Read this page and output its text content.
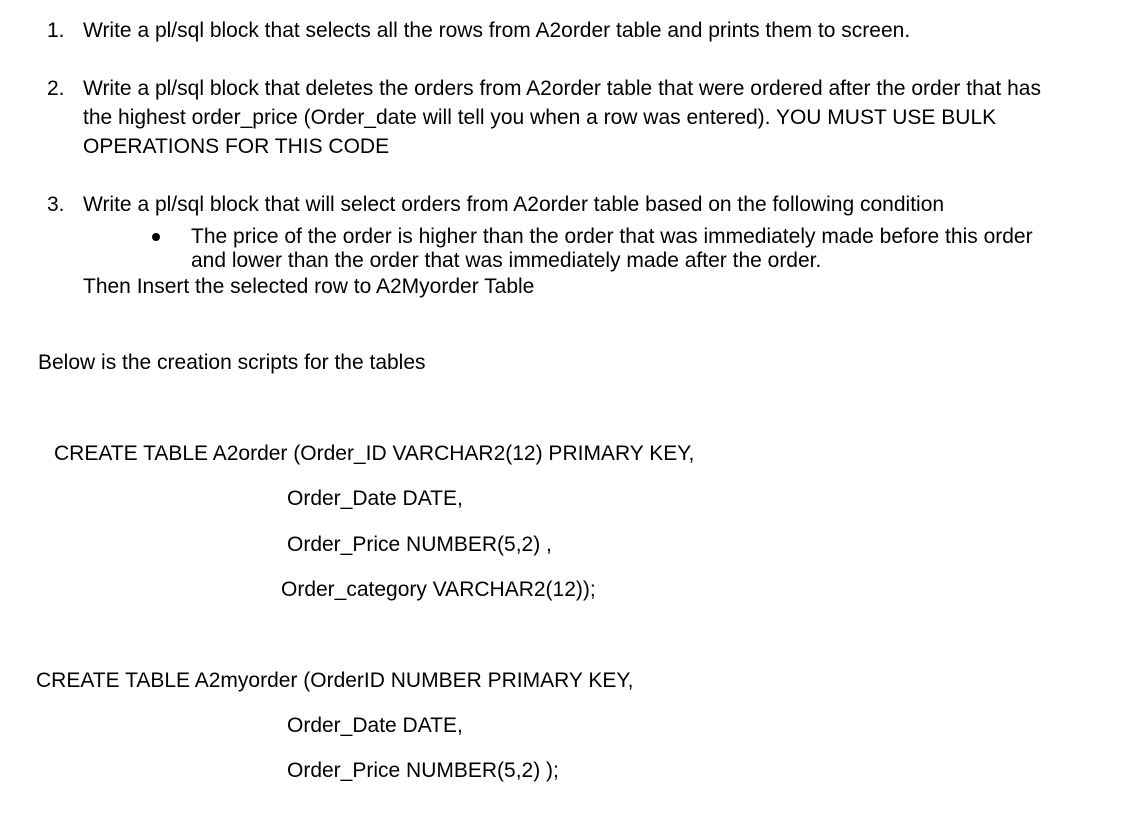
1. Write a pl/sql block that selects all the rows from A2order table and prints them to screen.
2. Write a pl/sql block that deletes the orders from A2order table that were ordered after the order that has
the highest order_price (Order_date will tell you when a row was entered). YOU MUST USE BULK
OPERATIONS FOR THIS CODE
3. Write a pl/sql block that will select orders from A2order table based on the following condition
The price of the order is higher than the order that was immediately made before this order
and lower than the order that was immediately made after the order.
Then Insert the selected row to A2Myorder Table
Below is the creation scripts for the tables
CREATE TABLE A2order (Order_ID VARCHAR2(12) PRIMARY KEY,
Order_Date DATE,
Order_Price NUMBER(5,2) ,
Order_category VARCHAR2(12));
CREATE TABLE A2myorder (OrderID NUMBER PRIMARY KEY,
Order_Date DATE,
Order_Price NUMBER(5,2) );
